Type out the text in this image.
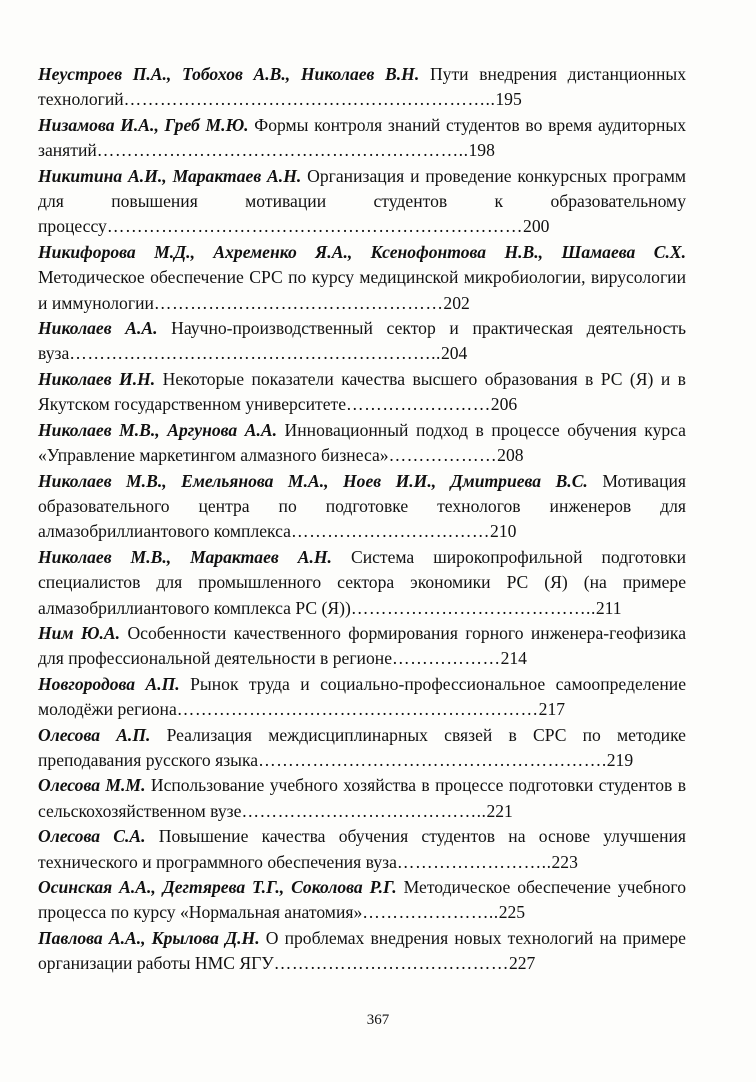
Неустроев П.А., Тобохов А.В., Николаев В.Н. Пути внедрения дистанционных технологий……………………………………………………..195
Низамова И.А., Греб М.Ю. Формы контроля знаний студентов во время аудиторных занятий……………………………………………………..198
Никитина А.И., Марактаев А.Н. Организация и проведение конкурсных программ для повышения мотивации студентов к образовательному процессу……………………………………………………………200
Никифорова М.Д., Ахременко Я.А., Ксенофонтова Н.В., Шамаева С.Х. Методическое обеспечение СРС по курсу медицинской микробиологии, вирусологии и иммунологии…………………………………………202
Николаев А.А. Научно-производственный сектор и практическая деятельность вуза……………………………………………………..204
Николаев И.Н. Некоторые показатели качества высшего образования в РС (Я) и в Якутском государственном университете……………………206
Николаев М.В., Аргунова А.А. Инновационный подход в процессе обучения курса «Управление маркетингом алмазного бизнеса»………………208
Николаев М.В., Емельянова М.А., Ноев И.И., Дмитриева В.С. Мотивация образовательного центра по подготовке технологов инженеров для алмазобриллиантового комплекса……………………………210
Николаев М.В., Марактаев А.Н. Система широкопрофильной подготовки специалистов для промышленного сектора экономики РС (Я) (на примере алмазобриллиантового комплекса РС (Я))…………………………………..211
Ним Ю.А. Особенности качественного формирования горного инженера-геофизика для профессиональной деятельности в регионе………………214
Новгородова А.П. Рынок труда и социально-профессиональное самоопределение молодёжи региона……………………………………………………217
Олесова А.П. Реализация междисциплинарных связей в СРС по методике преподавания русского языка………………………………………………….219
Олесова М.М. Использование учебного хозяйства в процессе подготовки студентов в сельскохозяйственном вузе…………………………………..221
Олесова С.А. Повышение качества обучения студентов на основе улучшения технического и программного обеспечения вуза……………………..223
Осинская А.А., Дегтярева Т.Г., Соколова Р.Г. Методическое обеспечение учебного процесса по курсу «Нормальная анатомия»…………………..225
Павлова А.А., Крылова Д.Н. О проблемах внедрения новых технологий на примере организации работы НМС ЯГУ…………………………………227
367
